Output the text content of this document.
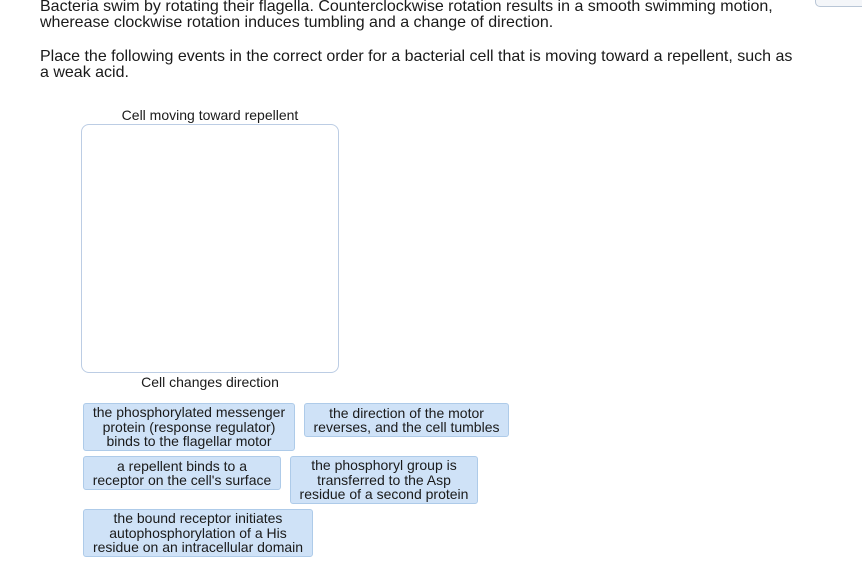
Bacteria swim by rotating their flagella. Counterclockwise rotation results in a smooth swimming motion,

wherease clockwise rotation induces tumbling and a change of direction.

Place the following events in the correct order for a bacterial cell that is moving toward a repellent, such as

a weak acid.

Cell moving toward repellent
Cell changes direction
the phosphorylated messenger
protein (response regulator)
binds to the flagellar motor
the direction of the motor
reverses, and the cell tumbles
a repellent binds to a
receptor on the cell's surface
the phosphoryl group is
transferred to the Asp
residue of a second protein
the bound receptor initiates
autophosphorylation of a His
residue on an intracellular domain
